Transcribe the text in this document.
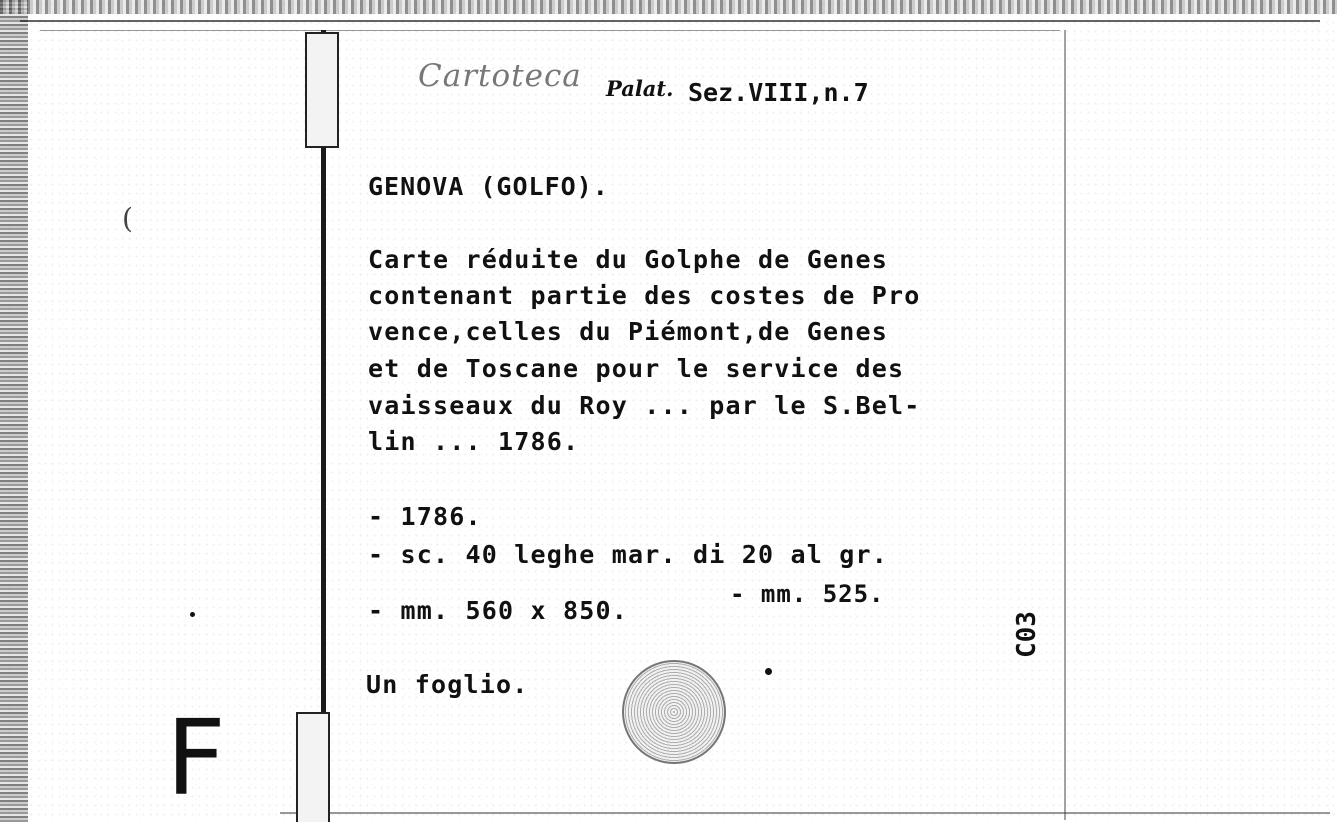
Cartoteca Palat. Sez.VIII,n.7
GENOVA (GOLFO).
Carte réduite du Golphe de Genes
contenant partie des costes de Pro
vence,celles du Piémont,de Genes
et de Toscane pour le service des
vaisseaux du Roy ... par le S.Bel-
lin ... 1786.
- 1786.
- sc. 40 leghe mar. di 20 al gr.
- mm. 560 x 850.
- mm. 525.
Un foglio.
C03
F
(
